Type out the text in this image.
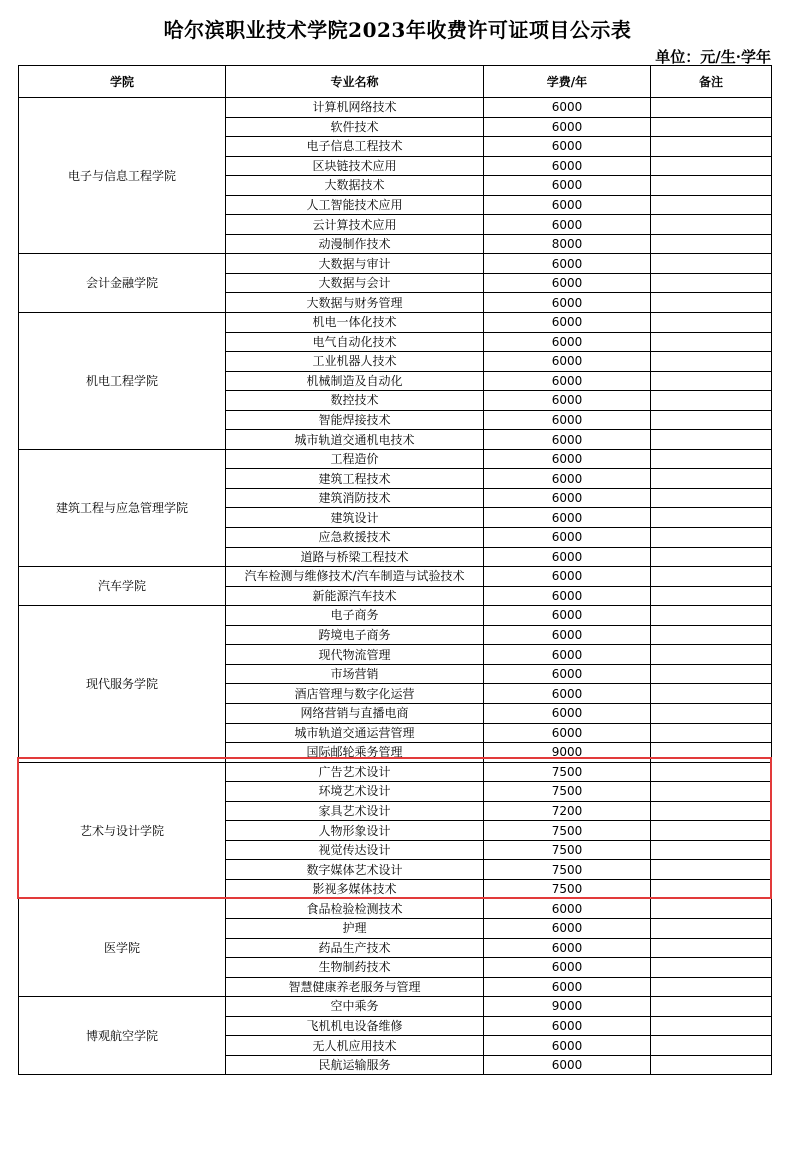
哈尔滨职业技术学院2023年收费许可证项目公示表
单位：元/生·学年
学院	专业名称	学费/年	备注
电子与信息工程学院	计算机网络技术	6000	
	软件技术	6000	
	电子信息工程技术	6000	
	区块链技术应用	6000	
	大数据技术	6000	
	人工智能技术应用	6000	
	云计算技术应用	6000	
	动漫制作技术	8000	
会计金融学院	大数据与审计	6000	
	大数据与会计	6000	
	大数据与财务管理	6000	
机电工程学院	机电一体化技术	6000	
	电气自动化技术	6000	
	工业机器人技术	6000	
	机械制造及自动化	6000	
	数控技术	6000	
	智能焊接技术	6000	
	城市轨道交通机电技术	6000	
建筑工程与应急管理学院	工程造价	6000	
	建筑工程技术	6000	
	建筑消防技术	6000	
	建筑设计	6000	
	应急救援技术	6000	
	道路与桥梁工程技术	6000	
汽车学院	汽车检测与维修技术/汽车制造与试验技术	6000	
	新能源汽车技术	6000	
现代服务学院	电子商务	6000	
	跨境电子商务	6000	
	现代物流管理	6000	
	市场营销	6000	
	酒店管理与数字化运营	6000	
	网络营销与直播电商	6000	
	城市轨道交通运营管理	6000	
	国际邮轮乘务管理	9000	
艺术与设计学院	广告艺术设计	7500	
	环境艺术设计	7500	
	家具艺术设计	7200	
	人物形象设计	7500	
	视觉传达设计	7500	
	数字媒体艺术设计	7500	
	影视多媒体技术	7500	
医学院	食品检验检测技术	6000	
	护理	6000	
	药品生产技术	6000	
	生物制药技术	6000	
	智慧健康养老服务与管理	6000	
博观航空学院	空中乘务	9000	
	飞机机电设备维修	6000	
	无人机应用技术	6000	
	民航运输服务	6000	
